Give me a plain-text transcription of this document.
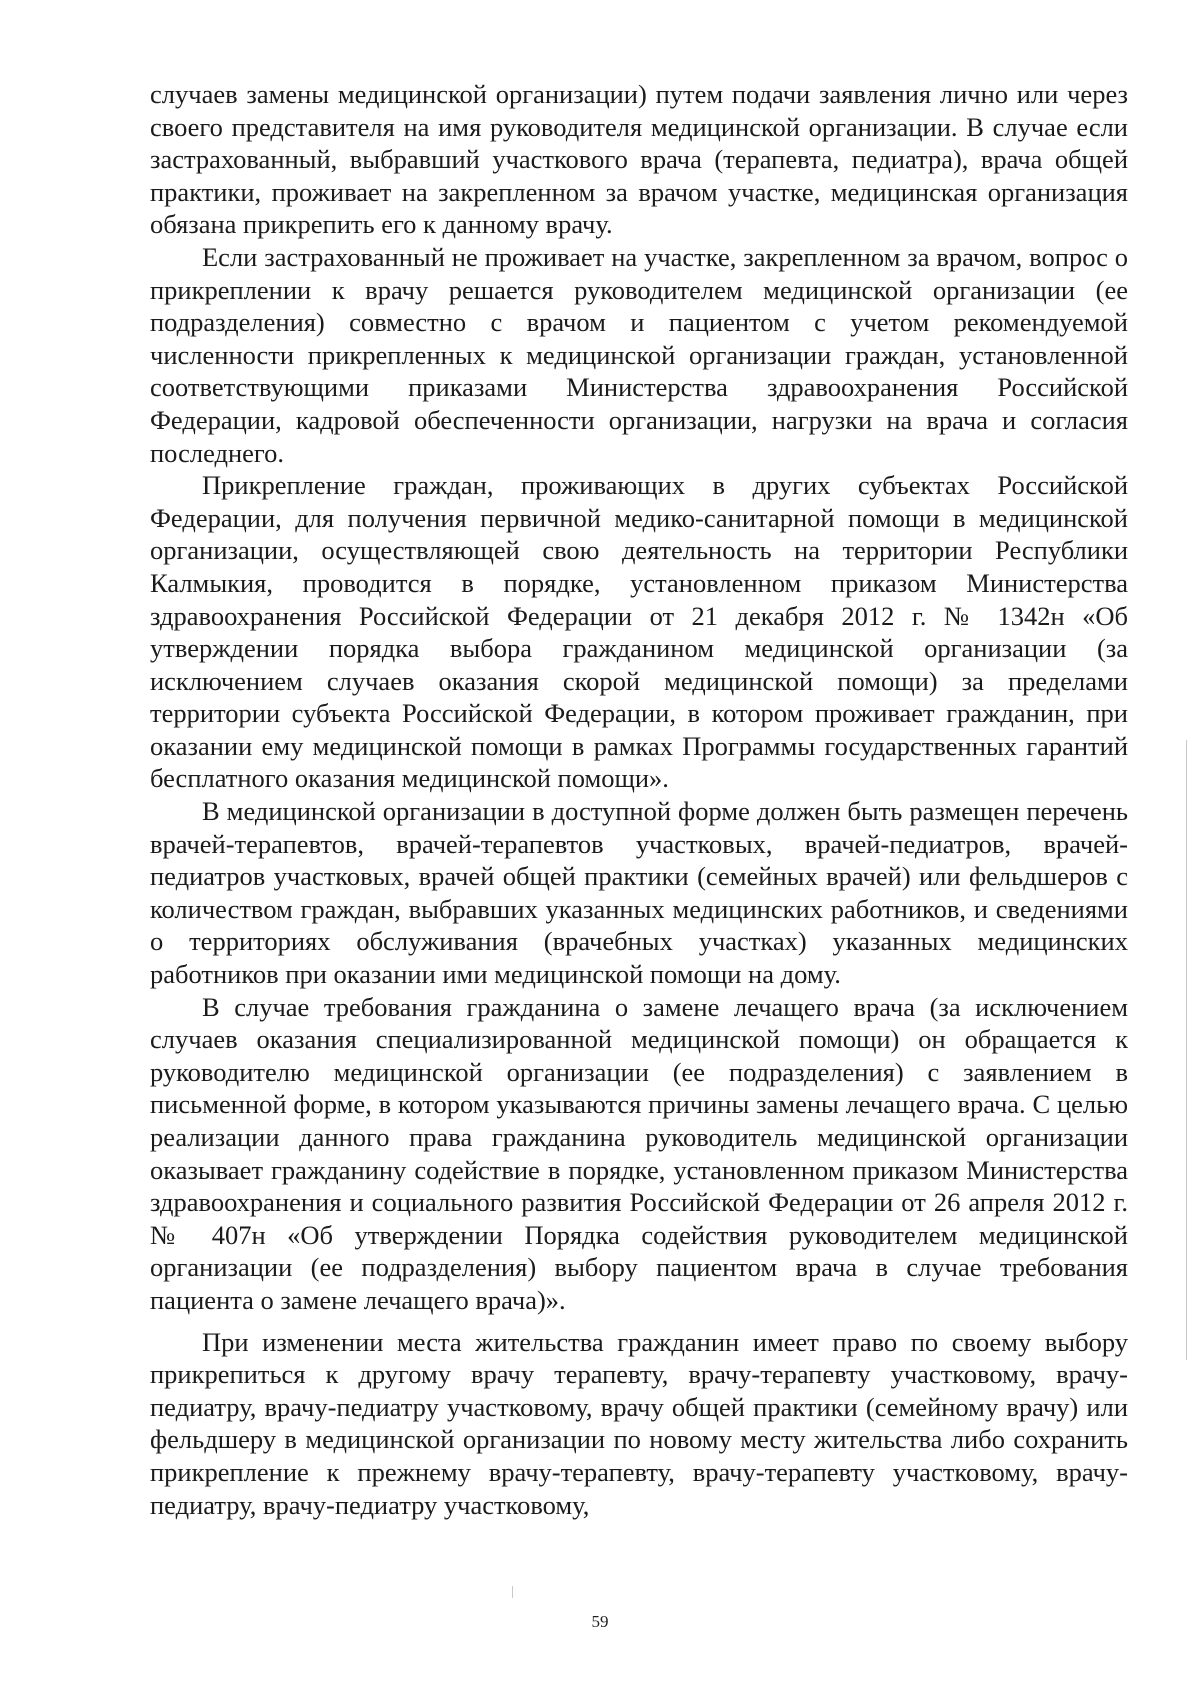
случаев замены медицинской организации) путем подачи заявления лично или через своего представителя на имя руководителя медицинской организации. В случае если застрахованный, выбравший участкового врача (терапевта, педиатра), врача общей практики, проживает на закрепленном за врачом участке, медицинская организация обязана прикрепить его к данному врачу.

Если застрахованный не проживает на участке, закрепленном за врачом, вопрос о прикреплении к врачу решается руководителем медицинской организации (ее подразделения) совместно с врачом и пациентом с учетом рекомендуемой численности прикрепленных к медицинской организации граждан, установленной соответствующими приказами Министерства здравоохранения Российской Федерации, кадровой обеспеченности организации, нагрузки на врача и согласия последнего.

Прикрепление граждан, проживающих в других субъектах Российской Федерации, для получения первичной медико-санитарной помощи в медицинской организации, осуществляющей свою деятельность на территории Республики Калмыкия, проводится в порядке, установленном приказом Министерства здравоохранения Российской Федерации от 21 декабря 2012 г. № 1342н «Об утверждении порядка выбора гражданином медицинской организации (за исключением случаев оказания скорой медицинской помощи) за пределами территории субъекта Российской Федерации, в котором проживает гражданин, при оказании ему медицинской помощи в рамках Программы государственных гарантий бесплатного оказания медицинской помощи».

В медицинской организации в доступной форме должен быть размещен перечень врачей-терапевтов, врачей-терапевтов участковых, врачей-педиатров, врачей-педиатров участковых, врачей общей практики (семейных врачей) или фельдшеров с количеством граждан, выбравших указанных медицинских работников, и сведениями о территориях обслуживания (врачебных участках) указанных медицинских работников при оказании ими медицинской помощи на дому.

В случае требования гражданина о замене лечащего врача (за исключением случаев оказания специализированной медицинской помощи) он обращается к руководителю медицинской организации (ее подразделения) с заявлением в письменной форме, в котором указываются причины замены лечащего врача. С целью реализации данного права гражданина руководитель медицинской организации оказывает гражданину содействие в порядке, установленном приказом Министерства здравоохранения и социального развития Российской Федерации от 26 апреля 2012 г. № 407н «Об утверждении Порядка содействия руководителем медицинской организации (ее подразделения) выбору пациентом врача в случае требования пациента о замене лечащего врача)».

При изменении места жительства гражданин имеет право по своему выбору прикрепиться к другому врачу терапевту, врачу-терапевту участковому, врачу-педиатру, врачу-педиатру участковому, врачу общей практики (семейному врачу) или фельдшеру в медицинской организации по новому месту жительства либо сохранить прикрепление к прежнему врачу-терапевту, врачу-терапевту участковому, врачу-педиатру, врачу-педиатру участковому,

59
